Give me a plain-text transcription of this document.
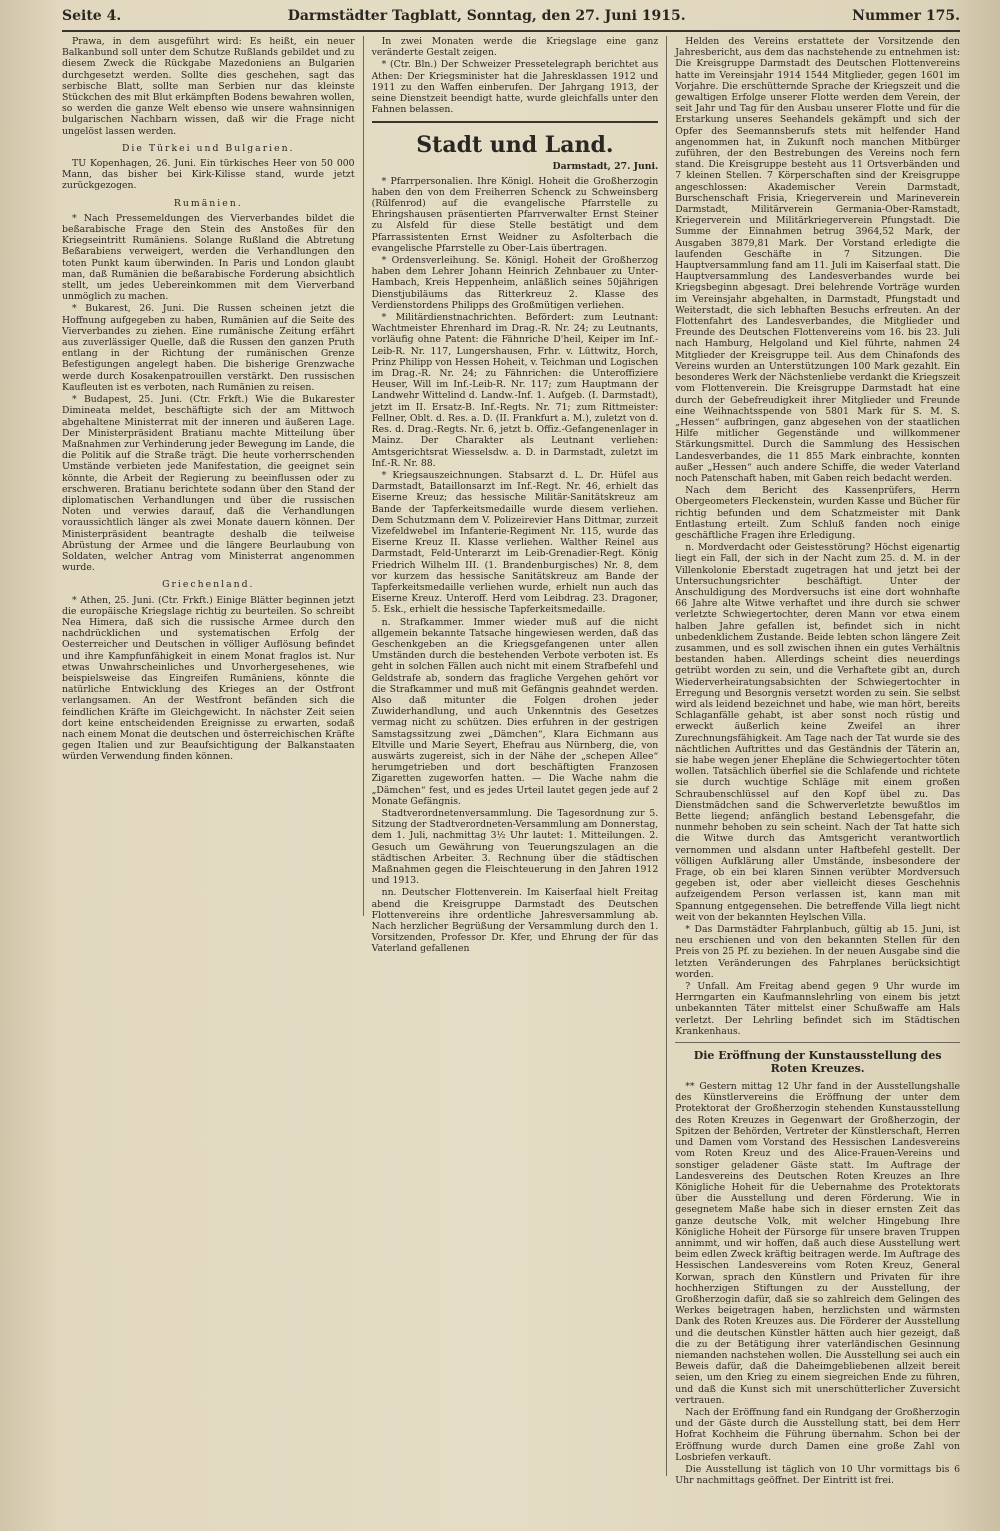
Seite 4.	Darmstädter Tagblatt, Sonntag, den 27. Juni 1915.	Nummer 175.

Prawa, in dem ausgeführt wird: Es heißt, ein neuer Balkanbund soll unter dem Schutze Rußlands gebildet und zu diesem Zweck die Rückgabe Mazedoniens an Bulgarien durchgesetzt werden. Sollte dies geschehen, sagt das serbische Blatt, sollte man Serbien nur das kleinste Stückchen des mit Blut erkämpften Bodens bewahren wollen, so werden die ganze Welt ebenso wie unsere wahnsinnigen bulgarischen Nachbarn wissen, daß wir die Frage nicht ungelöst lassen werden.

Die Türkei und Bulgarien.

TU Kopenhagen, 26. Juni. Ein türkisches Heer von 50 000 Mann, das bisher bei Kirk-Kilisse stand, wurde jetzt zurückgezogen.

Rumänien.

* Nach Pressemeldungen des Vierverbandes bildet die beßarabische Frage den Stein des Anstoßes für den Kriegseintritt Rumäniens. Solange Rußland die Abtretung Beßarabiens verweigert, werden die Verhandlungen den toten Punkt kaum überwinden. In Paris und London glaubt man, daß Rumänien die beßarabische Forderung absichtlich stellt, um jedes Uebereinkommen mit dem Vierverband unmöglich zu machen.

* Bukarest, 26. Juni. Die Russen scheinen jetzt die Hoffnung aufgegeben zu haben, Rumänien auf die Seite des Vierverbandes zu ziehen. Eine rumänische Zeitung erfährt aus zuverlässiger Quelle, daß die Russen den ganzen Pruth entlang in der Richtung der rumänischen Grenze Befestigungen angelegt haben. Die bisherige Grenzwache werde durch Kosakenpatrouillen verstärkt. Den russischen Kaufleuten ist es verboten, nach Rumänien zu reisen.

* Budapest, 25. Juni. (Ctr. Frkft.) Wie die Bukarester Dimineata meldet, beschäftigte sich der am Mittwoch abgehaltene Ministerrat mit der inneren und äußeren Lage. Der Ministerpräsident Bratianu machte Mitteilung über Maßnahmen zur Verhinderung jeder Bewegung im Lande, die die Politik auf die Straße trägt. Die heute vorherrschenden Umstände verbieten jede Manifestation, die geeignet sein könnte, die Arbeit der Regierung zu beeinflussen oder zu erschweren. Bratianu berichtete sodann über den Stand der diplomatischen Verhandlungen und über die russischen Noten und verwies darauf, daß die Verhandlungen voraussichtlich länger als zwei Monate dauern können. Der Ministerpräsident beantragte deshalb die teilweise Abrüstung der Armee und die längere Beurlaubung von Soldaten, welcher Antrag vom Ministerrat angenommen wurde.

Griechenland.

* Athen, 25. Juni. (Ctr. Frkft.) Einige Blätter beginnen jetzt die europäische Kriegslage richtig zu beurteilen. So schreibt Nea Himera, daß sich die russische Armee durch den nachdrücklichen und systematischen Erfolg der Oesterreicher und Deutschen in völliger Auflösung befindet und ihre Kampfunfähigkeit in einem Monat fraglos ist. Nur etwas Unwahrscheinliches und Unvorhergesehenes, wie beispielsweise das Eingreifen Rumäniens, könnte die natürliche Entwicklung des Krieges an der Ostfront verlangsamen. An der Westfront befänden sich die feindlichen Kräfte im Gleichgewicht. In nächster Zeit seien dort keine entscheidenden Ereignisse zu erwarten, sodaß nach einem Monat die deutschen und österreichischen Kräfte gegen Italien und zur Beaufsichtigung der Balkanstaaten würden Verwendung finden können.

In zwei Monaten werde die Kriegslage eine ganz veränderte Gestalt zeigen.

* (Ctr. Bln.) Der Schweizer Pressetelegraph berichtet aus Athen: Der Kriegsminister hat die Jahresklassen 1912 und 1911 zu den Waffen einberufen. Der Jahrgang 1913, der seine Dienstzeit beendigt hatte, wurde gleichfalls unter den Fahnen belassen.

Stadt und Land.
Darmstadt, 27. Juni.

* Pfarrpersonalien. Ihre Königl. Hoheit die Großherzogin haben den von dem Freiherren Schenck zu Schweinsberg (Rülfenrod) auf die evangelische Pfarrstelle zu Ehringshausen präsentierten Pfarrverwalter Ernst Steiner zu Alsfeld für diese Stelle bestätigt und dem Pfarrassistenten Ernst Weidner zu Asfolterbach die evangelische Pfarrstelle zu Ober-Lais übertragen.

* Ordensverleihung. Se. Königl. Hoheit der Großherzog haben dem Lehrer Johann Heinrich Zehnbauer zu Unter-Hambach, Kreis Heppenheim, anläßlich seines 50jährigen Dienstjubiläums das Ritterkreuz 2. Klasse des Verdienstordens Philipps des Großmütigen verliehen.

* Militärdienstnachrichten. Befördert: zum Leutnant: Wachtmeister Ehrenhard im Drag.-R. Nr. 24; zu Leutnants, vorläufig ohne Patent: die Fähnriche D'heil, Keiper im Inf.-Leib-R. Nr. 117, Lungershausen, Frhr. v. Lüttwitz, Horch, Prinz Philipp von Hessen Hoheit, v. Teichman und Logischen im Drag.-R. Nr. 24; zu Fähnrichen: die Unteroffiziere Heuser, Will im Inf.-Leib-R. Nr. 117; zum Hauptmann der Landwehr Wittelind d. Landw.-Inf. 1. Aufgeb. (I. Darmstadt), jetzt im II. Ersatz-B. Inf.-Regts. Nr. 71; zum Rittmeister: Fellner, Oblt. d. Res. a. D. (II. Frankfurt a. M.), zuletzt von d. Res. d. Drag.-Regts. Nr. 6, jetzt b. Offiz.-Gefangenenlager in Mainz. Der Charakter als Leutnant verliehen: Amtsgerichtsrat Wiesselsdw. a. D. in Darmstadt, zuletzt im Inf.-R. Nr. 88.

* Kriegsauszeichnungen. Stabsarzt d. L. Dr. Hüfel aus Darmstadt, Bataillonsarzt im Inf.-Regt. Nr. 46, erhielt das Eiserne Kreuz; das hessische Militär-Sanitätskreuz am Bande der Tapferkeitsmedaille wurde diesem verliehen. Dem Schutzmann dem V. Polizeirevier Hans Dittmar, zurzeit Vizefeldwebel im Infanterie-Regiment Nr. 115, wurde das Eiserne Kreuz II. Klasse verliehen. Walther Reinel aus Darmstadt, Feld-Unterarzt im Leib-Grenadier-Regt. König Friedrich Wilhelm III. (1. Brandenburgisches) Nr. 8, dem vor kurzem das hessische Sanitätskreuz am Bande der Tapferkeitsmedaille verliehen wurde, erhielt nun auch das Eiserne Kreuz. Unteroff. Herd vom Leibdrag. 23. Dragoner, 5. Esk., erhielt die hessische Tapferkeitsmedaille.

n. Strafkammer. Immer wieder muß auf die nicht allgemein bekannte Tatsache hingewiesen werden, daß das Geschenkgeben an die Kriegsgefangenen unter allen Umständen durch die bestehenden Verbote verboten ist. Es geht in solchen Fällen auch nicht mit einem Strafbefehl und Geldstrafe ab, sondern das fragliche Vergehen gehört vor die Strafkammer und muß mit Gefängnis geahndet werden. Also daß mitunter die Folgen drohen jeder Zuwiderhandlung, und auch Unkenntnis des Gesetzes vermag nicht zu schützen. Dies erfuhren in der gestrigen Samstagssitzung zwei „Dämchen“, Klara Eichmann aus Eltville und Marie Seyert, Ehefrau aus Nürnberg, die, von auswärts zugereist, sich in der Nähe der „schepen Allee“ herumgetrieben und dort beschäftigten Franzosen Zigaretten zugeworfen hatten. — Die Wache nahm die „Dämchen“ fest, und es jedes Urteil lautet gegen jede auf 2 Monate Gefängnis.

Stadtverordnetenversammlung. Die Tagesordnung zur 5. Sitzung der Stadtverordneten-Versammlung am Donnerstag, dem 1. Juli, nachmittag 3½ Uhr lautet: 1. Mitteilungen. 2. Gesuch um Gewährung von Teuerungszulagen an die städtischen Arbeiter. 3. Rechnung über die städtischen Maßnahmen gegen die Fleischteuerung in den Jahren 1912 und 1913.

nn. Deutscher Flottenverein. Im Kaiserfaal hielt Freitag abend die Kreisgruppe Darmstadt des Deutschen Flottenvereins ihre ordentliche Jahresversammlung ab. Nach herzlicher Begrüßung der Versammlung durch den 1. Vorsitzenden, Professor Dr. Kfer, und Ehrung der für das Vaterland gefallenen

Helden des Vereins erstattete der Vorsitzende den Jahresbericht, aus dem das nachstehende zu entnehmen ist: Die Kreisgruppe Darmstadt des Deutschen Flottenvereins hatte im Vereinsjahr 1914 1544 Mitglieder, gegen 1601 im Vorjahre. Die erschütternde Sprache der Kriegszeit und die gewaltigen Erfolge unserer Flotte werden dem Verein, der seit Jahr und Tag für den Ausbau unserer Flotte und für die Erstarkung unseres Seehandels gekämpft und sich der Opfer des Seemannsberufs stets mit helfender Hand angenommen hat, in Zukunft noch manchen Mitbürger zuführen, der den Bestrebungen des Vereins noch fern stand. Die Kreisgruppe besteht aus 11 Ortsverbänden und 7 kleinen Stellen. 7 Körperschaften sind der Kreisgruppe angeschlossen: Akademischer Verein Darmstadt, Burschenschaft Frisia, Kriegerverein und Marineverein Darmstadt, Militärverein Germania-Ober-Ramstadt, Kriegerverein und Militärkriegerverein Pfungstadt. Die Summe der Einnahmen betrug 3964,52 Mark, der Ausgaben 3879,81 Mark. Der Vorstand erledigte die laufenden Geschäfte in 7 Sitzungen. Die Hauptversammlung fand am 11. Juli im Kaiserfaal statt. Die Hauptversammlung des Landesverbandes wurde bei Kriegsbeginn abgesagt. Drei belehrende Vorträge wurden im Vereinsjahr abgehalten, in Darmstadt, Pfungstadt und Weiterstadt, die sich lebhaften Besuchs erfreuten. An der Flottenfahrt des Landesverbandes, die Mitglieder und Freunde des Deutschen Flottenvereins vom 16. bis 23. Juli nach Hamburg, Helgoland und Kiel führte, nahmen 24 Mitglieder der Kreisgruppe teil. Aus dem Chinafonds des Vereins wurden an Unterstützungen 100 Mark gezahlt. Ein besonderes Werk der Nächstenliebe verdankt die Kriegszeit vom Flottenverein. Die Kreisgruppe Darmstadt hat eine durch der Gebefreudigkeit ihrer Mitglieder und Freunde eine Weihnachtsspende von 5801 Mark für S. M. S. „Hessen“ aufbringen, ganz abgesehen von der staatlichen Hilfe mitlicher Gegenstände und willkommener Stärkungsmittel. Durch die Sammlung des Hessischen Landesverbandes, die 11 855 Mark einbrachte, konnten außer „Hessen“ auch andere Schiffe, die weder Vaterland noch Patenschaft haben, mit Gaben reich bedacht werden.

Nach dem Bericht des Kassenprüfers, Herrn Obergeometers Fleckenstein, wurden Kasse und Bücher für richtig befunden und dem Schatzmeister mit Dank Entlastung erteilt. Zum Schluß fanden noch einige geschäftliche Fragen ihre Erledigung.

n. Mordverdacht oder Geistesstörung? Höchst eigenartig liegt ein Fall, der sich in der Nacht zum 25. d. M. in der Villenkolonie Eberstadt zugetragen hat und jetzt bei der Untersuchungsrichter beschäftigt. Unter der Anschuldigung des Mordversuchs ist eine dort wohnhafte 66 Jahre alte Witwe verhaftet und ihre durch sie schwer verletzte Schwiegertochter, deren Mann vor etwa einem halben Jahre gefallen ist, befindet sich in nicht unbedenklichem Zustande. Beide lebten schon längere Zeit zusammen, und es soll zwischen ihnen ein gutes Verhältnis bestanden haben. Allerdings scheint dies neuerdings getrübt worden zu sein, und die Verhaftete gibt an, durch Wiederverheiratungsabsichten der Schwiegertochter in Erregung und Besorgnis versetzt worden zu sein. Sie selbst wird als leidend bezeichnet und habe, wie man hört, bereits Schlaganfälle gehabt, ist aber sonst noch rüstig und erweckt äußerlich keine Zweifel an ihrer Zurechnungsfähigkeit. Am Tage nach der Tat wurde sie des nächtlichen Auftrittes und das Geständnis der Täterin an, sie habe wegen jener Ehepläne die Schwiegertochter töten wollen. Tatsächlich überfiel sie die Schlafende und richtete sie durch wuchtige Schläge mit einem großen Schraubenschlüssel auf den Kopf übel zu. Das Dienstmädchen sand die Schwerverletzte bewußtlos im Bette liegend; anfänglich bestand Lebensgefahr, die nunmehr behoben zu sein scheint. Nach der Tat hatte sich die Witwe durch das Amtsgericht verantwortlich vernommen und alsdann unter Haftbefehl gestellt. Der völligen Aufklärung aller Umstände, insbesondere der Frage, ob ein bei klaren Sinnen verübter Mordversuch gegeben ist, oder aber vielleicht dieses Geschehnis aufzeigendem Person verlassen ist, kann man mit Spannung entgegensehen. Die betreffende Villa liegt nicht weit von der bekannten Heylschen Villa.

* Das Darmstädter Fahrplanbuch, gültig ab 15. Juni, ist neu erschienen und von den bekannten Stellen für den Preis von 25 Pf. zu beziehen. In der neuen Ausgabe sind die letzten Veränderungen des Fahrplanes berücksichtigt worden.

? Unfall. Am Freitag abend gegen 9 Uhr wurde im Herrngarten ein Kaufmannslehrling von einem bis jetzt unbekannten Täter mittelst einer Schußwaffe am Hals verletzt. Der Lehrling befindet sich im Städtischen Krankenhaus.

Die Eröffnung der Kunstausstellung des Roten Kreuzes.

** Gestern mittag 12 Uhr fand in der Ausstellungshalle des Künstlervereins die Eröffnung der unter dem Protektorat der Großherzogin stehenden Kunstausstellung des Roten Kreuzes in Gegenwart der Großherzogin, der Spitzen der Behörden, Vertreter der Künstlerschaft, Herren und Damen vom Vorstand des Hessischen Landesvereins vom Roten Kreuz und des Alice-Frauen-Vereins und sonstiger geladener Gäste statt. Im Auftrage der Landesvereins des Deutschen Roten Kreuzes an Ihre Königliche Hoheit für die Uebernahme des Protektorats über die Ausstellung und deren Förderung. Wie in gesegnetem Maße habe sich in dieser ernsten Zeit das ganze deutsche Volk, mit welcher Hingebung Ihre Königliche Hoheit der Fürsorge für unsere braven Truppen annimmt, und wir hoffen, daß auch diese Ausstellung wert beim edlen Zweck kräftig beitragen werde. Im Auftrage des Hessischen Landesvereins vom Roten Kreuz, General Korwan, sprach den Künstlern und Privaten für ihre hochherzigen Stiftungen zu der Ausstellung, der Großherzogin dafür, daß sie so zahlreich dem Gelingen des Werkes beigetragen haben, herzlichsten und wärmsten Dank des Roten Kreuzes aus. Die Förderer der Ausstellung und die deutschen Künstler hätten auch hier gezeigt, daß die zu der Betätigung ihrer vaterländischen Gesinnung niemanden nachstehen wollen. Die Ausstellung sei auch ein Beweis dafür, daß die Daheimgebliebenen allzeit bereit seien, um den Krieg zu einem siegreichen Ende zu führen, und daß die Kunst sich mit unerschütterlicher Zuversicht vertrauen.

Nach der Eröffnung fand ein Rundgang der Großherzogin und der Gäste durch die Ausstellung statt, bei dem Herr Hofrat Kochheim die Führung übernahm. Schon bei der Eröffnung wurde durch Damen eine große Zahl von Losbriefen verkauft.

Die Ausstellung ist täglich von 10 Uhr vormittags bis 6 Uhr nachmittags geöffnet. Der Eintritt ist frei.
